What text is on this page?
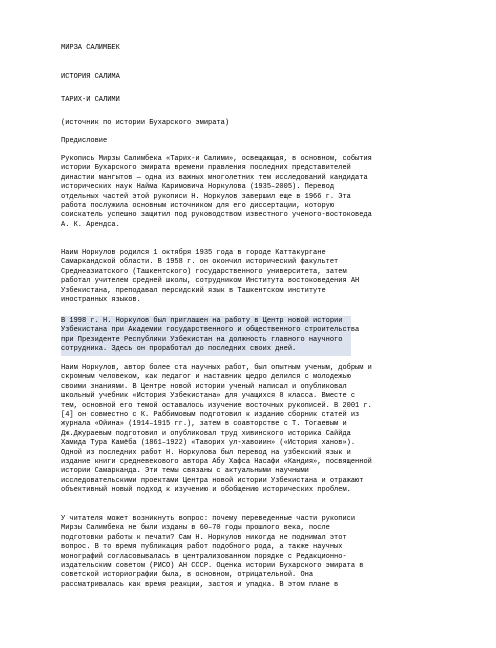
МИРЗА САЛИМБЕК
ИСТОРИЯ САЛИМА
ТАРИХ-И САЛИМИ
(источник по истории Бухарского эмирата)
Предисловие
Рукопись Мирзы Салимбека «Тарих-и Салими», освещающая, в основном, события
истории Бухарского эмирата времени правления последних представителей
династии мангытов — одна из важных многолетних тем исследований кандидата
исторических наук Найма Каримовича Норкулова (1935–2005). Перевод
отдельных частей этой рукописи Н. Норкулов завершил еще в 1966 г. Эта
работа послужила основным источником для его диссертации, которую
соискатель успешно защитил под руководством известного ученого-востоковеда
А. К. Арендса.
Наим Норкулов родился 1 октября 1935 года в городе Каттакургане
Самаркандской области. В 1958 г. он окончил исторический факультет
Среднеазиатского (Ташкентского) государственного университета, затем
работал учителем средней школы, сотрудником Института востоковедения АН
Узбекистана, преподавал персидский язык в Ташкентском институте
иностранных языков.
В 1998 г. Н. Норкулов был приглашен на работу в Центр новой истории
Узбекистана при Академии государственного и общественного строительства
при Президенте Республики Узбекистан на должность главного научного
сотрудника. Здесь он проработал до последних своих дней.
Наим Норкулов, автор более ста научных работ, был опытным ученым, добрым и
скромным человеком, как педагог и наставник щедро делился с молодежью
своими знаниями. В Центре новой истории ученый написал и опубликовал
школьный учебник «История Узбекистана» для учащихся 8 класса. Вместе с
тем, основной его темой оставалось изучение восточных рукописей. В 2001 г.
[4] он совместно с К. Раббимовым подготовил к изданию сборник статей из
журнала «Ойина» (1914–1915 гг.), затем в соавторстве с Т. Тогаевым и
Дж.Джураевым подготовил и опубликовал труд хивинского историка Саййда
Хамида Тура Камёба (1861–1922) «Таворих ул-хавоиин» («История ханов»).
Одной из последних работ Н. Норкулова был перевод на узбекский язык и
издание книги средневекового автора Абу Хафса Насафи «Кандия», посвященной
истории Самарканда. Эти темы связаны с актуальными научными
исследовательскими проектами Центра новой истории Узбекистана и отражают
объективный новый подход к изучению и обобщению исторических проблем.
У читателя может возникнуть вопрос: почему переведенные части рукописи
Мирзы Салимбека не были изданы в 60–70 годы прошлого века, после
подготовки работы к печати? Сам Н. Норкулов никогда не поднимал этот
вопрос. В то время публикация работ подобного рода, а также научных
монографий согласовывалась в централизованном порядке с Редакционно-
издательским советом (РИСО) АН СССР. Оценка истории Бухарского эмирата в
советской историографии была, в основном, отрицательной. Она
рассматривалась как время реакции, застоя и упадка. В этом плане в
